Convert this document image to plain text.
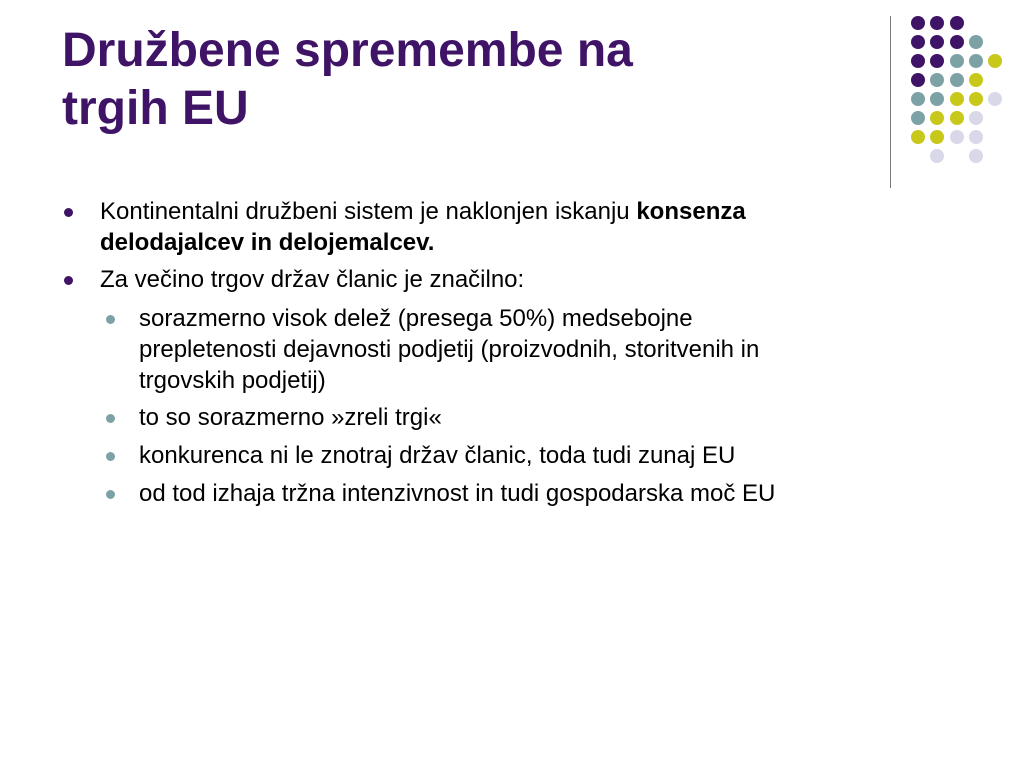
Družbene spremembe na
trgih EU
Kontinentalni družbeni sistem je naklonjen iskanju konsenza
delodajalcev in delojemalcev.
Za večino trgov držav članic je značilno:
sorazmerno visok delež (presega 50%) medsebojne
prepletenosti dejavnosti podjetij (proizvodnih, storitvenih in
trgovskih podjetij)
to so sorazmerno »zreli trgi«
konkurenca ni le znotraj držav članic, toda tudi zunaj EU
od tod izhaja tržna intenzivnost in tudi gospodarska moč EU
